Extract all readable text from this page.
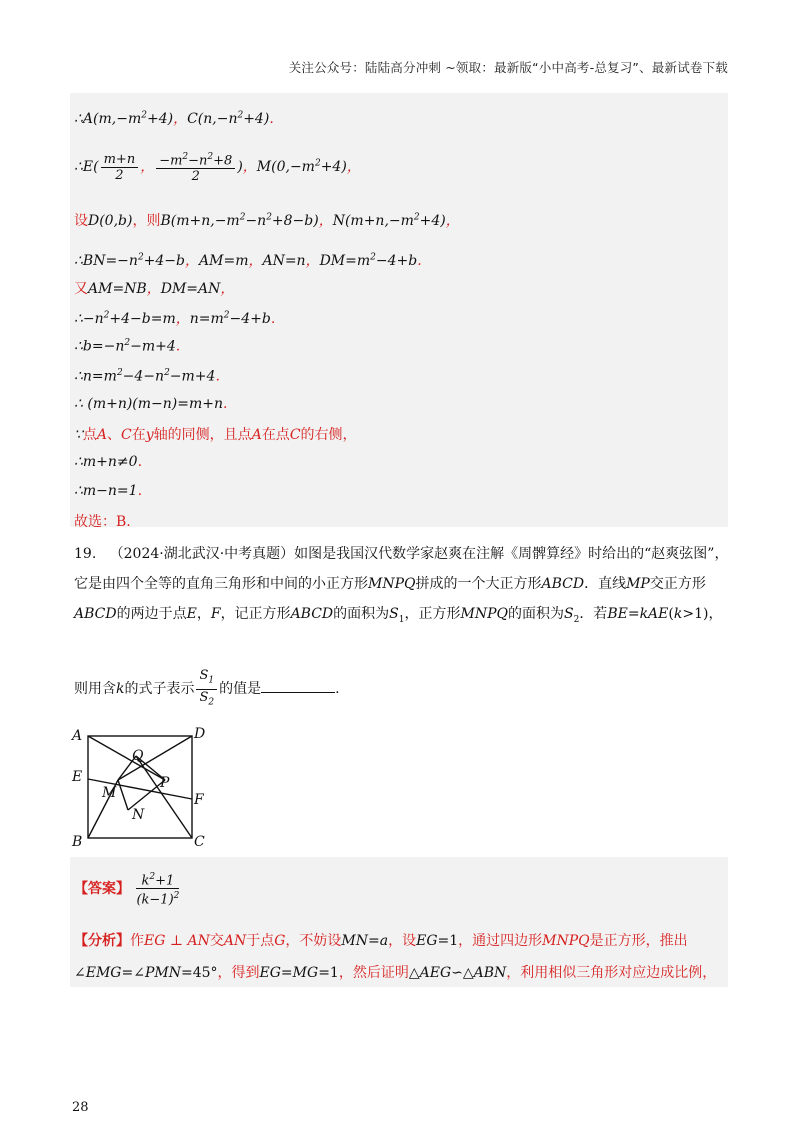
关注公众号：陆陆高分冲刺 ~领取：最新版“小中高考-总复习”、最新试卷下载
$\therefore A(m,-m^2+4)$，$C(n,-n^2+4)$.
∴E( $\frac{m+n}{2}$ ， $\frac{-m^2-n^2+8}{2}$ )，$M(0,-m^2+4)$，
设D(0,b)，则$B(m+n,-m^2-n^2+8-b)$，$N(m+n,-m^2+4)$，
$\therefore BN=-n^2+4-b$，AM=m，AN=n，$DM=m^2-4+b$.
又AM=NB，DM=AN，
$\therefore-n^2+4-b=m$，$n=m^2-4+b$.
$\therefore b=-n^2-m+4$.
$\therefore n=m^2-4-n^2-m+4$.
∴ (m+n)(m−n)=m+n.
∵点A、C在y轴的同侧，且点A在点C的右侧，
∴m+n≠0.
∴m−n=1.
故选：B.
19. （2024·湖北武汉·中考真题）如图是我国汉代数学家赵爽在注解《周髀算经》时给出的“赵爽弦图”，
它是由四个全等的直角三角形和中间的小正方形MNPQ拼成的一个大正方形ABCD．直线MP交正方形
ABCD的两边于点E，F，记正方形ABCD的面积为$S_1$，正方形MNPQ的面积为$S_2$．若BE=kAE(k>1)，
则用含k的式子表示 $\frac{S_1}{S_2}$ 的值是	.
A	D
B	C
E
F
M
N
P
Q
【答案】 $\frac{k^2+1}{(k-1)^2}$
【分析】作EG ⊥ AN交AN于点G，不妨设MN=a，设EG=1，通过四边形MNPQ是正方形，推出
∠EMG=∠PMN=45°，得到EG=MG=1，然后证明△AEG∽△ABN，利用相似三角形对应边成比例，
28
